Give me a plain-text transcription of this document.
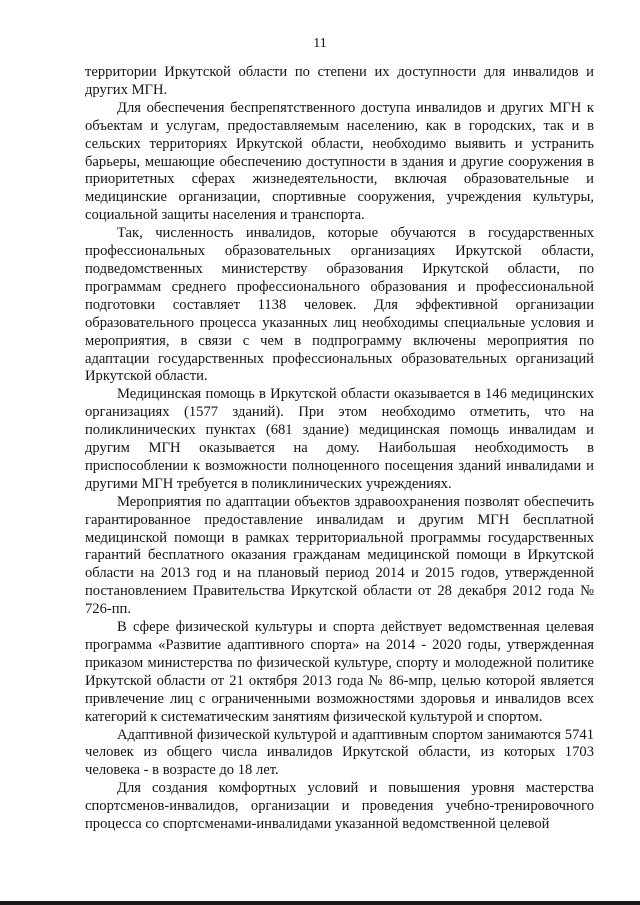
11

территории Иркутской области по степени их доступности для инвалидов и других МГН.

Для обеспечения беспрепятственного доступа инвалидов и других МГН к объектам и услугам, предоставляемым населению, как в городских, так и в сельских территориях Иркутской области, необходимо выявить и устранить барьеры, мешающие обеспечению доступности в здания и другие сооружения в приоритетных сферах жизнедеятельности, включая образовательные и медицинские организации, спортивные сооружения, учреждения культуры, социальной защиты населения и транспорта.

Так, численность инвалидов, которые обучаются в государственных профессиональных образовательных организациях Иркутской области, подведомственных министерству образования Иркутской области, по программам среднего профессионального образования и профессиональной подготовки составляет 1138 человек. Для эффективной организации образовательного процесса указанных лиц необходимы специальные условия и мероприятия, в связи с чем в подпрограмму включены мероприятия по адаптации государственных профессиональных образовательных организаций Иркутской области.

Медицинская помощь в Иркутской области оказывается в 146 медицинских организациях (1577 зданий). При этом необходимо отметить, что на поликлинических пунктах (681 здание) медицинская помощь инвалидам и другим МГН оказывается на дому. Наибольшая необходимость в приспособлении к возможности полноценного посещения зданий инвалидами и другими МГН требуется в поликлинических учреждениях.

Мероприятия по адаптации объектов здравоохранения позволят обеспечить гарантированное предоставление инвалидам и другим МГН бесплатной медицинской помощи в рамках территориальной программы государственных гарантий бесплатного оказания гражданам медицинской помощи в Иркутской области на 2013 год и на плановый период 2014 и 2015 годов, утвержденной постановлением Правительства Иркутской области от 28 декабря 2012 года № 726-пп.

В сфере физической культуры и спорта действует ведомственная целевая программа «Развитие адаптивного спорта» на 2014 - 2020 годы, утвержденная приказом министерства по физической культуре, спорту и молодежной политике Иркутской области от 21 октября 2013 года № 86-мпр, целью которой является привлечение лиц с ограниченными возможностями здоровья и инвалидов всех категорий к систематическим занятиям физической культурой и спортом.

Адаптивной физической культурой и адаптивным спортом занимаются 5741 человек из общего числа инвалидов Иркутской области, из которых 1703 человека - в возрасте до 18 лет.

Для создания комфортных условий и повышения уровня мастерства спортсменов-инвалидов, организации и проведения учебно-тренировочного процесса со спортсменами-инвалидами указанной ведомственной целевой
